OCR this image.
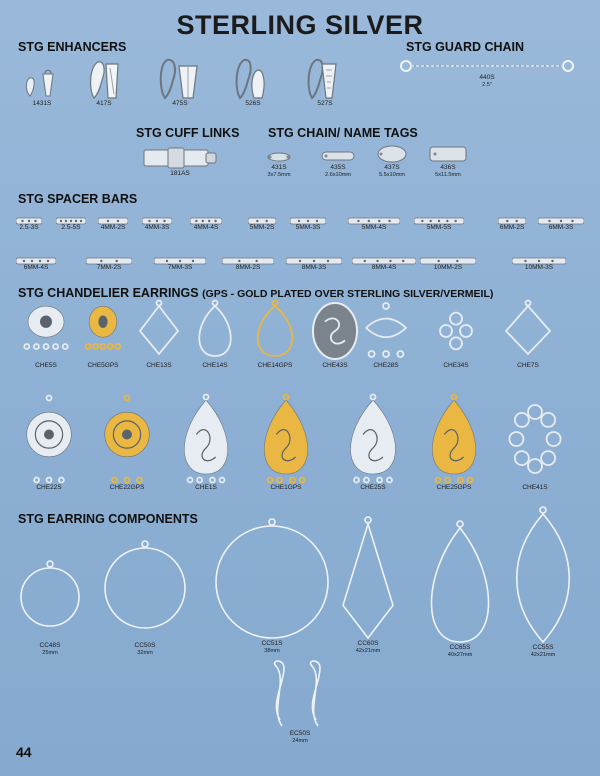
STERLING SILVER
STG ENHANCERS
1431S	417S	475S	526S	527S
STG GUARD CHAIN
440S
2.5"
STG CUFF LINKS
181AS
STG CHAIN/ NAME TAGS
431S
3x7.5mm
435S
2.6x10mm
437S
5.5x10mm
436S
5x11.5mm
STG SPACER BARS
2.5-3S	2.5-5S	4MM-2S	4MM-3S	4MM-4S	5MM-2S	5MM-3S	5MM-4S	5MM-5S	6MM-2S	6MM-3S
6MM-4S	7MM-2S	7MM-3S	8MM-2S	8MM-3S	8MM-4S	10MM-2S	10MM-3S
STG CHANDELIER EARRINGS (GPS - GOLD PLATED OVER STERLING SILVER/VERMEIL)
CHE5S	CHE5GPS	CHE13S	CHE14S	CHE14GPS	CHE43S	CHE28S	CHE34S	CHE7S
CHE22S	CHE22GPS	CHE1S	CHE1GPS	CHE25S	CHE25GPS	CHE41S
STG EARRING COMPONENTS
CC48S
25mm
CC50S
32mm
CC51S
38mm
CC60S
42x21mm	CC65S
40x27mm
CC55S
42x21mm
EC50S
24mm
44
